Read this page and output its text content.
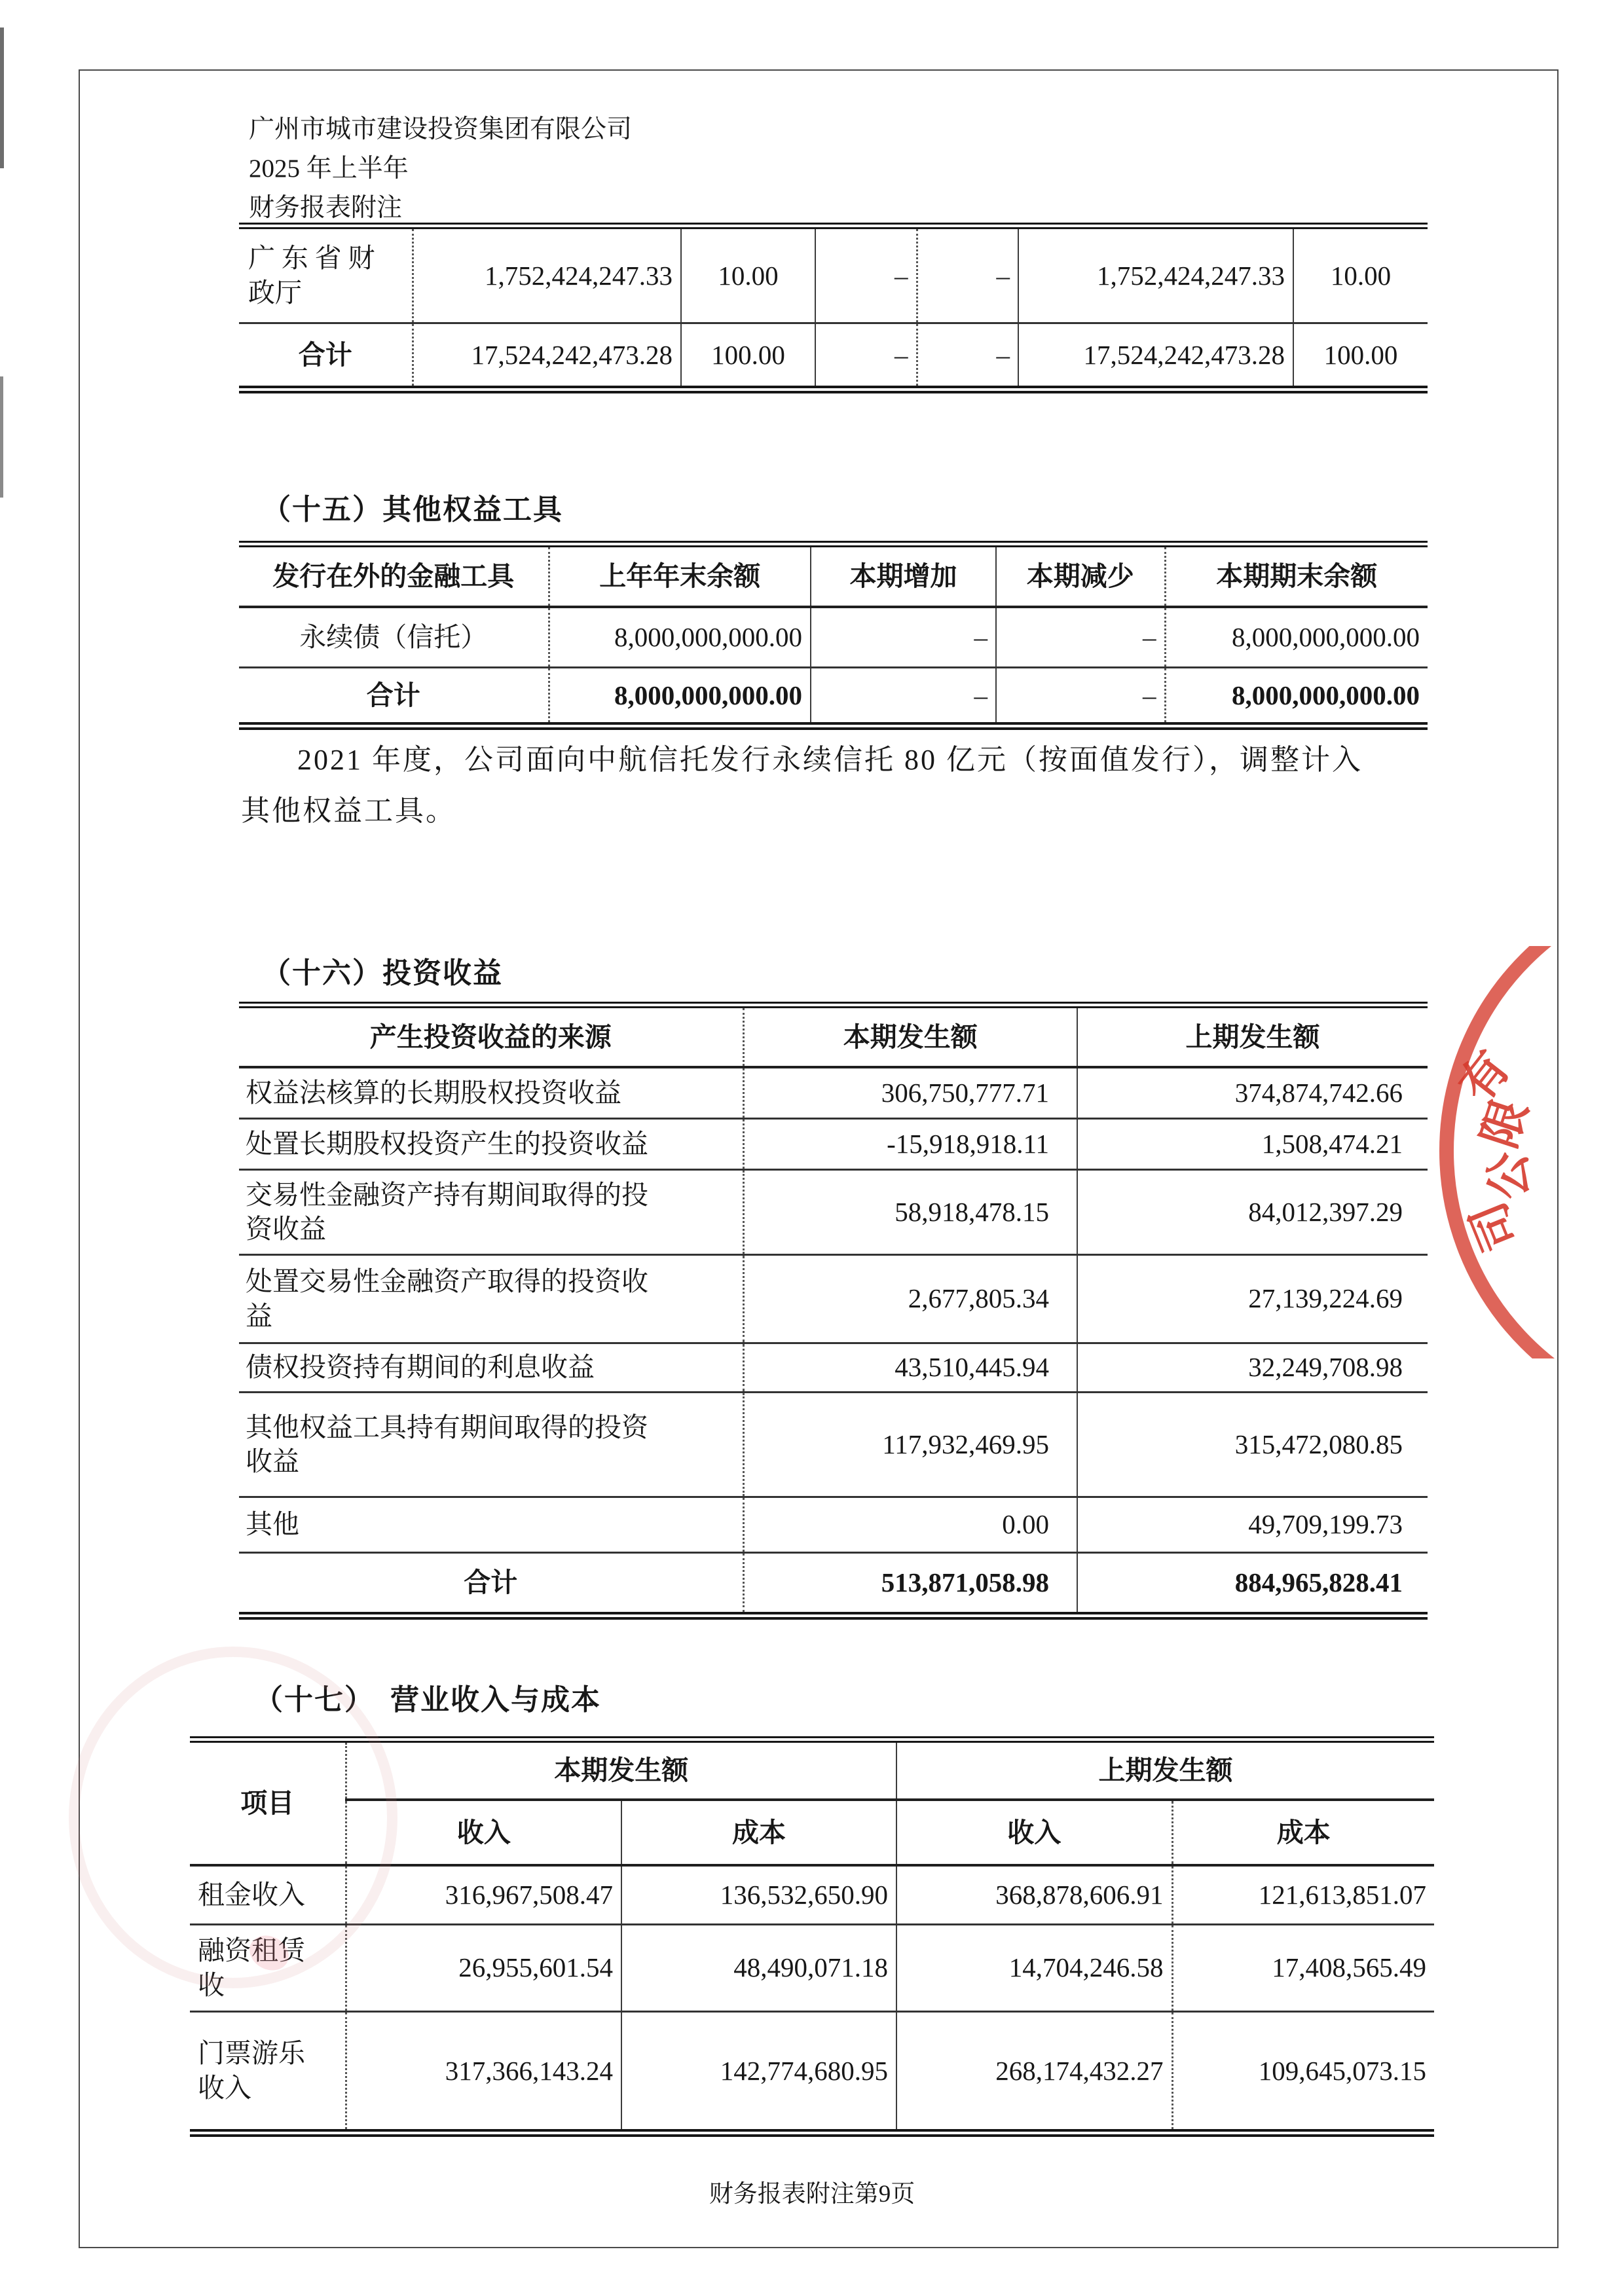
广州市城市建设投资集团有限公司
2025 年上半年
财务报表附注
广东省财政厅	1,752,424,247.33	10.00	–	–	1,752,424,247.33	10.00
合计	17,524,242,473.28	100.00	–	–	17,524,242,473.28	100.00
（十五）其他权益工具
发行在外的金融工具	上年年末余额	本期增加	本期减少	本期期末余额
永续债（信托）	8,000,000,000.00	–	–	8,000,000,000.00
合计	8,000,000,000.00	–	–	8,000,000,000.00
2021 年度，公司面向中航信托发行永续信托 80 亿元（按面值发行），调整计入其他权益工具。
（十六）投资收益
产生投资收益的来源	本期发生额	上期发生额
权益法核算的长期股权投资收益	306,750,777.71	374,874,742.66
处置长期股权投资产生的投资收益	-15,918,918.11	1,508,474.21
交易性金融资产持有期间取得的投资收益	58,918,478.15	84,012,397.29
处置交易性金融资产取得的投资收益	2,677,805.34	27,139,224.69
债权投资持有期间的利息收益	43,510,445.94	32,249,708.98
其他权益工具持有期间取得的投资收益	117,932,469.95	315,472,080.85
其他	0.00	49,709,199.73
合计	513,871,058.98	884,965,828.41
（十七）　营业收入与成本
项目	本期发生额		上期发生额	
	收入	成本	收入	成本
租金收入	316,967,508.47	136,532,650.90	368,878,606.91	121,613,851.07
融资租赁收	26,955,601.54	48,490,071.18	14,704,246.58	17,408,565.49
门票游乐收入	317,366,143.24	142,774,680.95	268,174,432.27	109,645,073.15
财务报表附注第9页
有
限
公
司
